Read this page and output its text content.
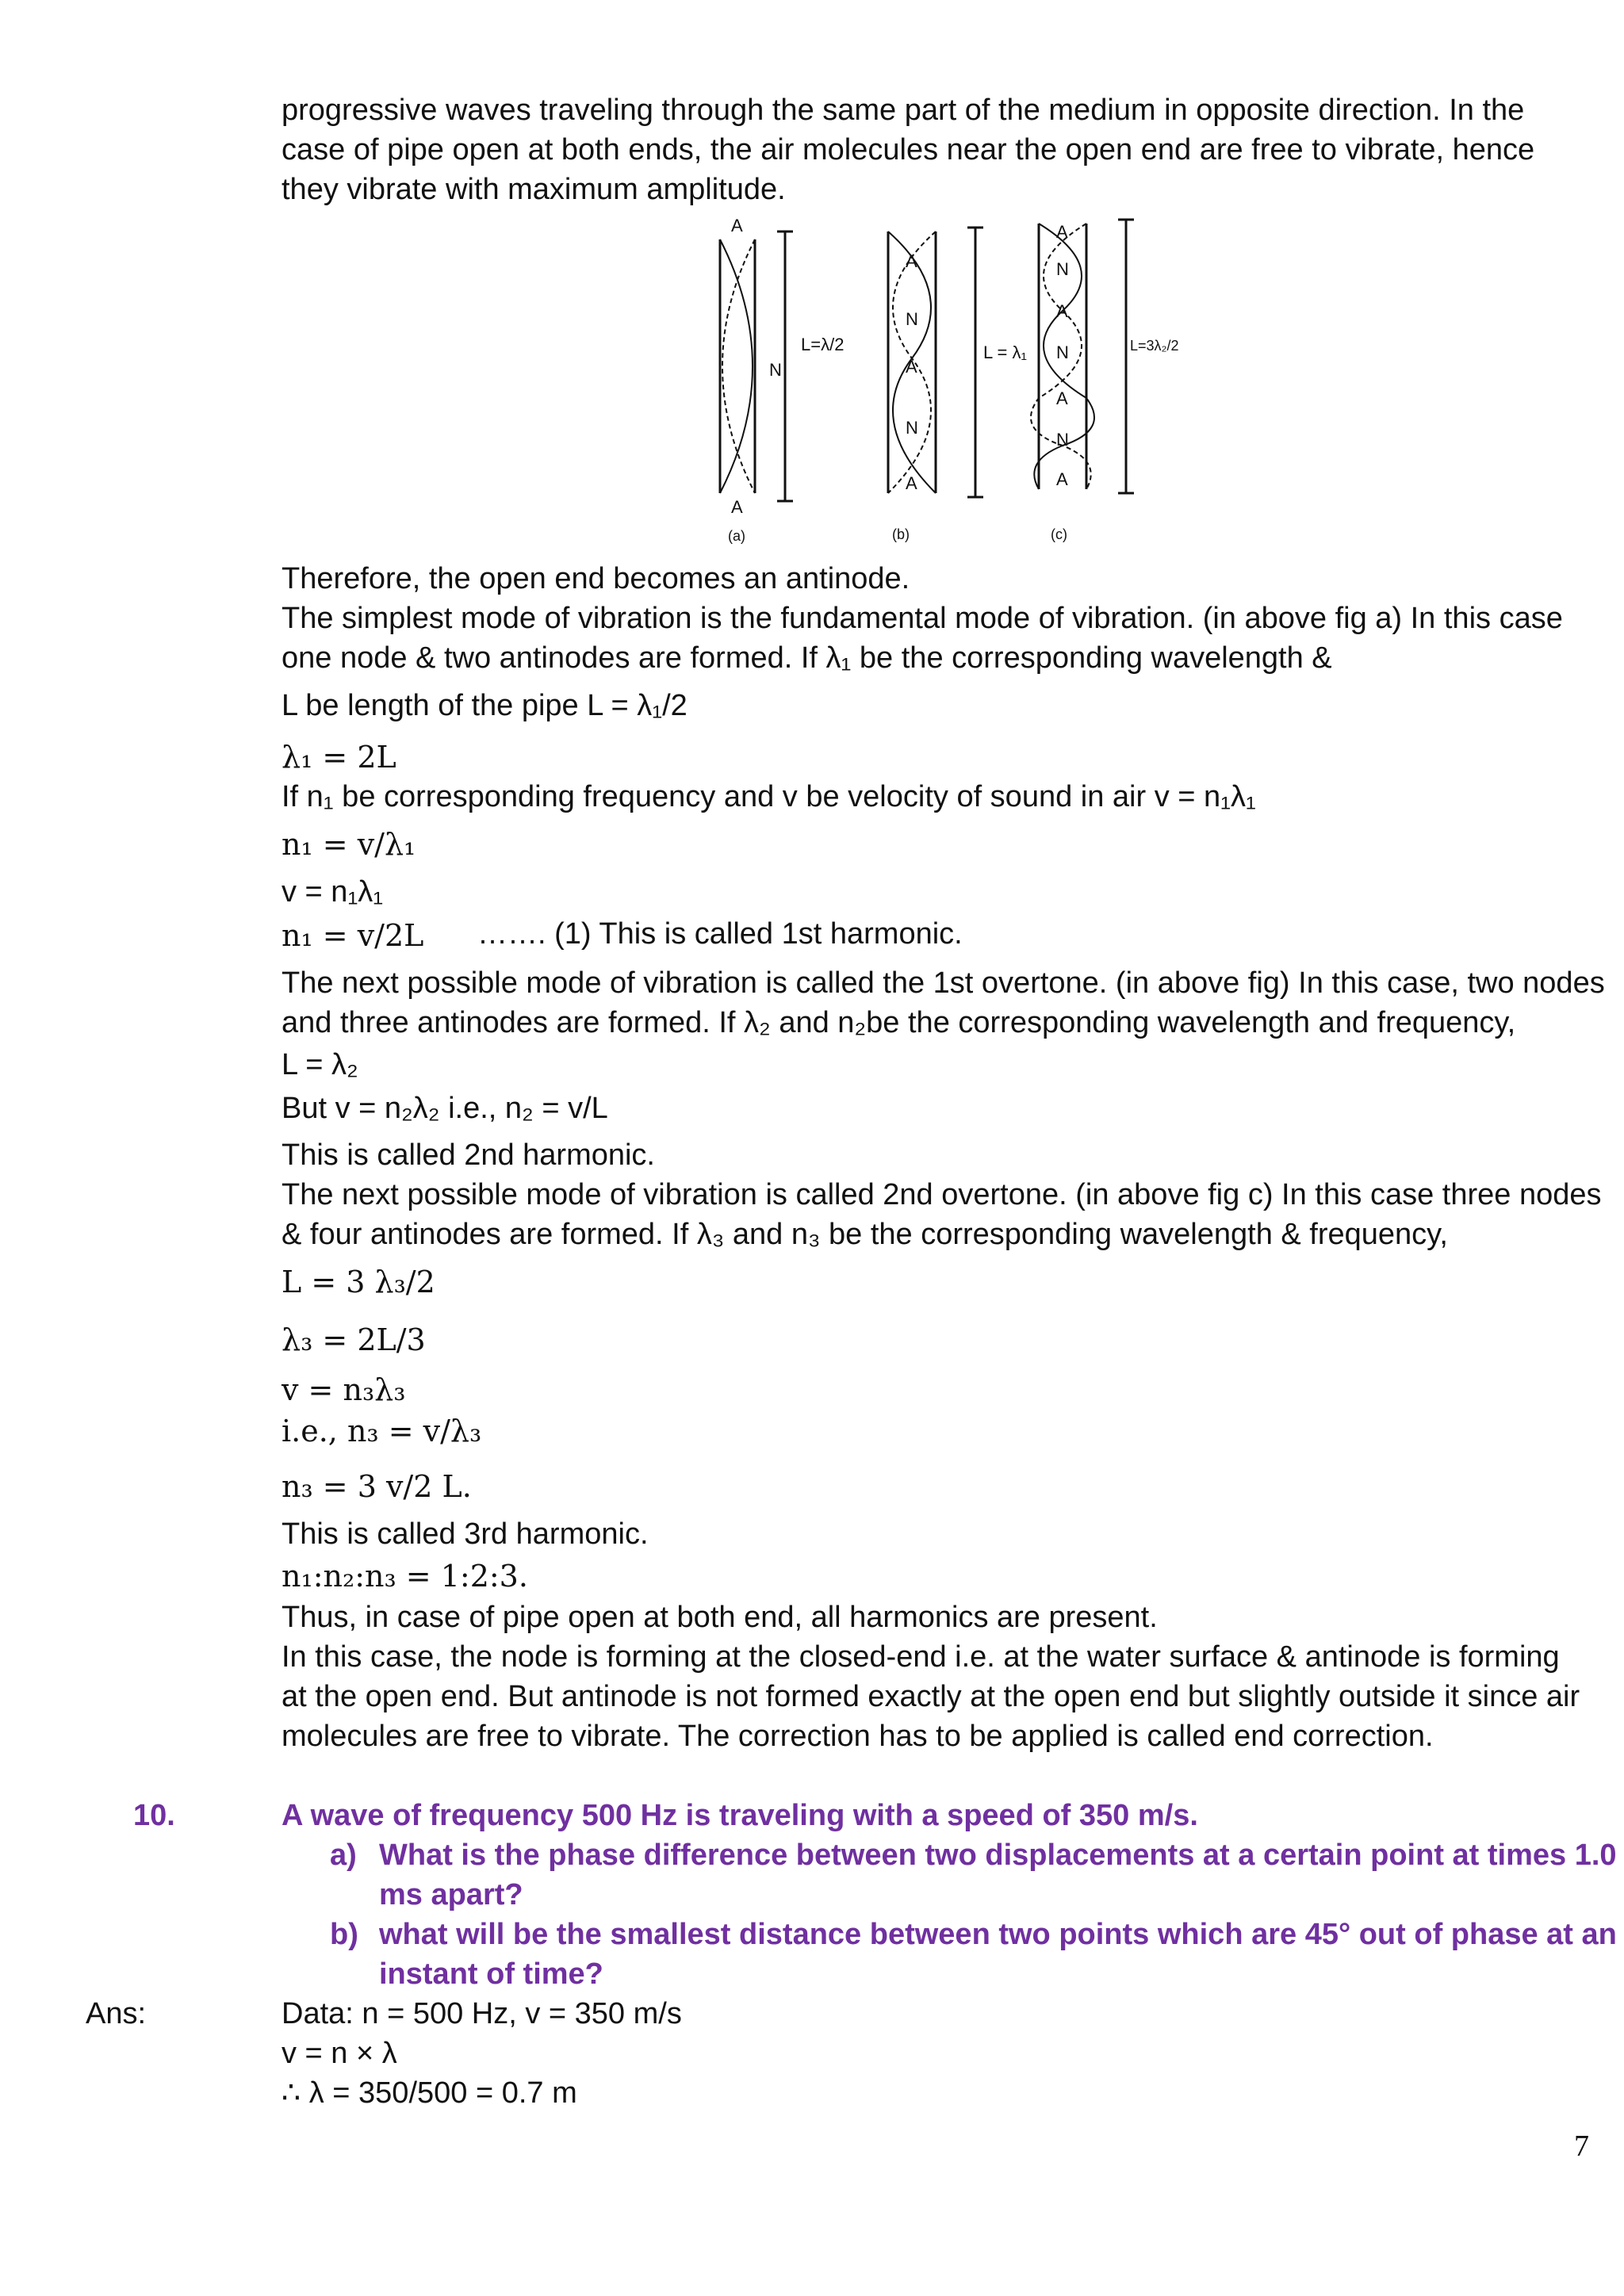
progressive waves traveling through the same part of the medium in opposite direction. In the
case of pipe open at both ends, the air molecules near the open end are free to vibrate, hence
they vibrate with maximum amplitude.
A
N
A
L=λ/2
A
N
A
N
A
L = λ₁
A
N
A
N
A
N
A
L=3λ₂/2
(a)	(b)	(c)
Therefore, the open end becomes an antinode.
The simplest mode of vibration is the fundamental mode of vibration. (in above fig a) In this case
one node & two antinodes are formed. If λ₁ be the corresponding wavelength &
L be length of the pipe L = λ₁/2
λ₁ = 2L
If n₁ be corresponding frequency and v be velocity of sound in air v = n₁λ₁
n₁ = v/λ₁
v = n₁λ₁
n₁ = v/2L ……. (1) This is called 1st harmonic.
The next possible mode of vibration is called the 1st overtone. (in above fig) In this case, two nodes
and three antinodes are formed. If λ₂ and n₂be the corresponding wavelength and frequency,
L = λ₂
But v = n₂λ₂ i.e., n₂ = v/L
This is called 2nd harmonic.
The next possible mode of vibration is called 2nd overtone. (in above fig c) In this case three nodes
& four antinodes are formed. If λ₃ and n₃ be the corresponding wavelength & frequency,
L = 3 λ₃/2
λ₃ = 2L/3
v = n₃λ₃
i.e., n₃ = v/λ₃
n₃ = 3 v/2 L.
This is called 3rd harmonic.
n₁:n₂:n₃ = 1:2:3.
Thus, in case of pipe open at both end, all harmonics are present.
In this case, the node is forming at the closed-end i.e. at the water surface & antinode is forming
at the open end. But antinode is not formed exactly at the open end but slightly outside it since air
molecules are free to vibrate. The correction has to be applied is called end correction.
10.	A wave of frequency 500 Hz is traveling with a speed of 350 m/s.
a) What is the phase difference between two displacements at a certain point at times 1.0
ms apart?
b) what will be the smallest distance between two points which are 45° out of phase at an
instant of time?
Ans:	Data: n = 500 Hz, v = 350 m/s
v = n × λ
∴ λ = 350/500 = 0.7 m
7
